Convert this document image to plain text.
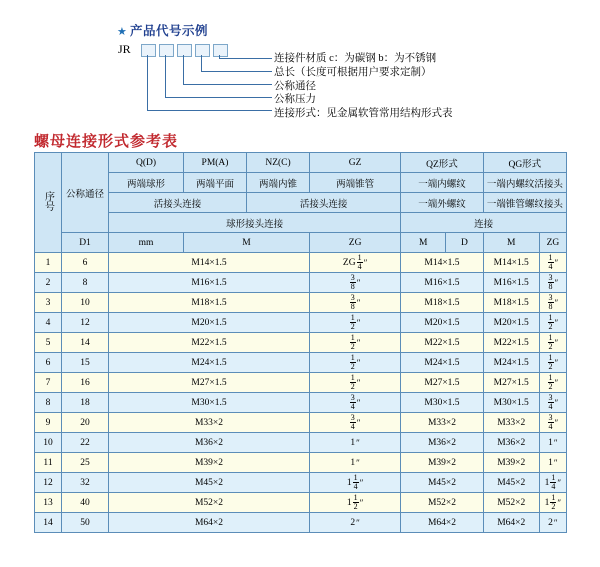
★ 产品代号示例
JR
连接件材质 c：为碳钢 b：为不锈钢
总长（长度可根据用户要求定制）
公称通径
公称压力
连接形式：见金属软管常用结构形式表
螺母连接形式参考表
序号	公称通径	Q(D)	PM(A)	NZ(C)	GZ	QZ形式		QG形式	
		两端球形	两端平面	两端内锥	两端锥管	一端内螺纹		一端内螺纹活接头	
		活接头连接		活接头连接		一端外螺纹		一端锥管螺纹接头	
		球形接头连接				连接			
	D1	mm	M		ZG	M	D	M	ZG
1	6	M14×1.5			ZG $\frac{1}{4}$ ″	M14×1.5		M14×1.5	$\frac{1}{4}$ ″

2	8	M16×1.5			$\frac{3}{8}$ ″	M16×1.5		M16×1.5	$\frac{3}{8}$ ″

3	10	M18×1.5			$\frac{3}{8}$ ″	M18×1.5		M18×1.5	$\frac{3}{8}$ ″

4	12	M20×1.5			$\frac{1}{2}$ ″	M20×1.5		M20×1.5	$\frac{1}{2}$ ″

5	14	M22×1.5			$\frac{1}{2}$ ″	M22×1.5		M22×1.5	$\frac{1}{2}$ ″

6	15	M24×1.5			$\frac{1}{2}$ ″	M24×1.5		M24×1.5	$\frac{1}{2}$ ″

7	16	M27×1.5			$\frac{1}{2}$ ″	M27×1.5		M27×1.5	$\frac{1}{2}$ ″

8	18	M30×1.5			$\frac{3}{4}$ ″	M30×1.5		M30×1.5	$\frac{3}{4}$ ″

9	20	M33×2			$\frac{3}{4}$ ″	M33×2		M33×2	$\frac{3}{4}$ ″

10	22	M36×2			1 ″	M36×2		M36×2	1 ″

11	25	M39×2			1 ″	M39×2		M39×2	1 ″

12	32	M45×2			$1 \frac{1}{4}$ ″	M45×2		M45×2	$1 \frac{1}{4}$ ″

13	40	M52×2			$1 \frac{1}{2}$ ″	M52×2		M52×2	$1 \frac{1}{2}$ ″

14	50	M64×2			2 ″	M64×2		M64×2	2 ″
